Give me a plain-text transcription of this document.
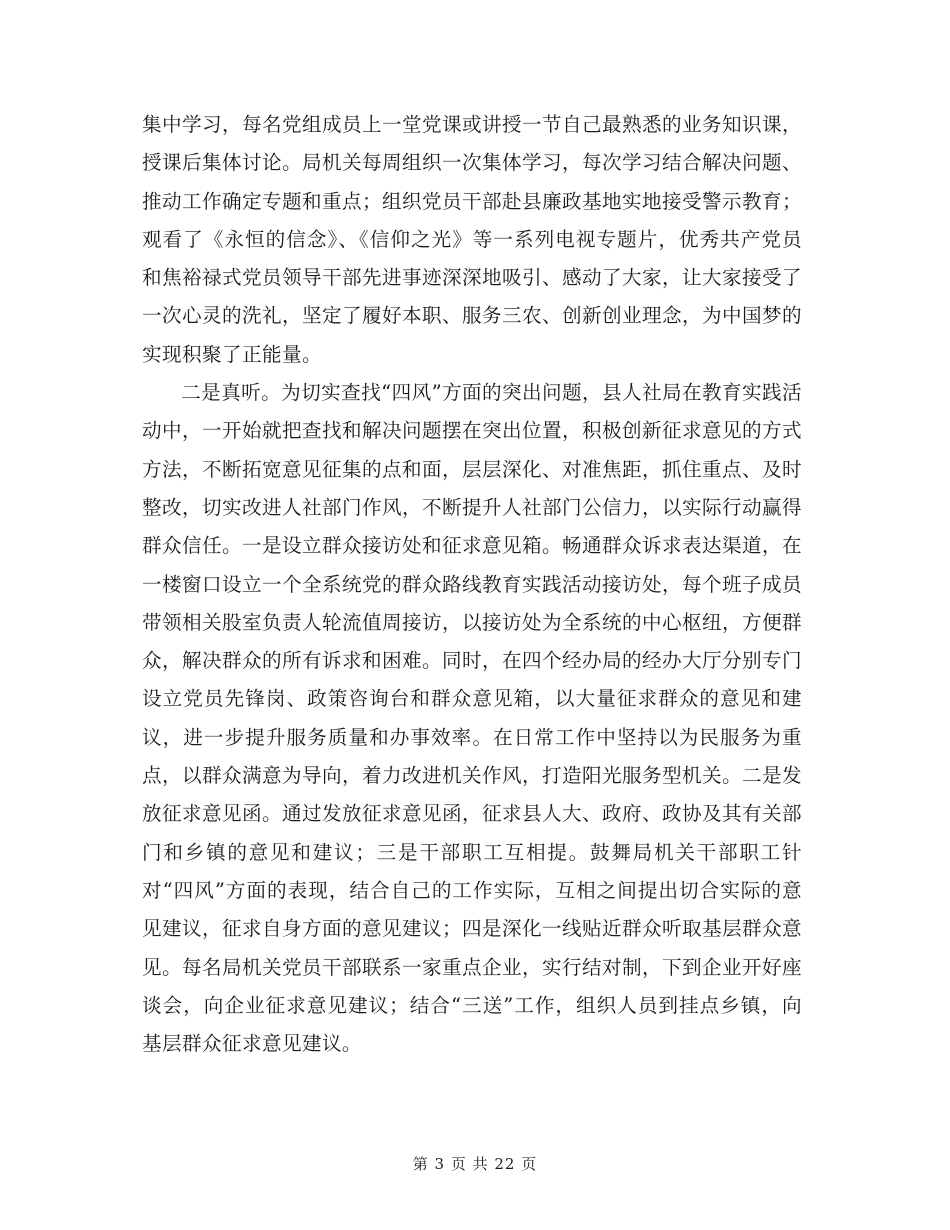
集中学习，每名党组成员上一堂党课或讲授一节自己最熟悉的业务知识课，授课后集体讨论。局机关每周组织一次集体学习，每次学习结合解决问题、推动工作确定专题和重点；组织党员干部赴县廉政基地实地接受警示教育；观看了《永恒的信念》、《信仰之光》等一系列电视专题片，优秀共产党员和焦裕禄式党员领导干部先进事迹深深地吸引、感动了大家，让大家接受了一次心灵的洗礼，坚定了履好本职、服务三农、创新创业理念，为中国梦的实现积聚了正能量。

二是真听。为切实查找“四风”方面的突出问题，县人社局在教育实践活动中，一开始就把查找和解决问题摆在突出位置，积极创新征求意见的方式方法，不断拓宽意见征集的点和面，层层深化、对准焦距，抓住重点、及时整改，切实改进人社部门作风，不断提升人社部门公信力，以实际行动赢得群众信任。一是设立群众接访处和征求意见箱。畅通群众诉求表达渠道，在一楼窗口设立一个全系统党的群众路线教育实践活动接访处，每个班子成员带领相关股室负责人轮流值周接访，以接访处为全系统的中心枢纽，方便群众，解决群众的所有诉求和困难。同时，在四个经办局的经办大厅分别专门设立党员先锋岗、政策咨询台和群众意见箱，以大量征求群众的意见和建议，进一步提升服务质量和办事效率。在日常工作中坚持以为民服务为重点，以群众满意为导向，着力改进机关作风，打造阳光服务型机关。二是发放征求意见函。通过发放征求意见函，征求县人大、政府、政协及其有关部门和乡镇的意见和建议；三是干部职工互相提。鼓舞局机关干部职工针对“四风”方面的表现，结合自己的工作实际，互相之间提出切合实际的意见建议，征求自身方面的意见建议；四是深化一线贴近群众听取基层群众意见。每名局机关党员干部联系一家重点企业，实行结对制，下到企业开好座谈会，向企业征求意见建议；结合“三送”工作，组织人员到挂点乡镇，向基层群众征求意见建议。

第 3 页 共 22 页
